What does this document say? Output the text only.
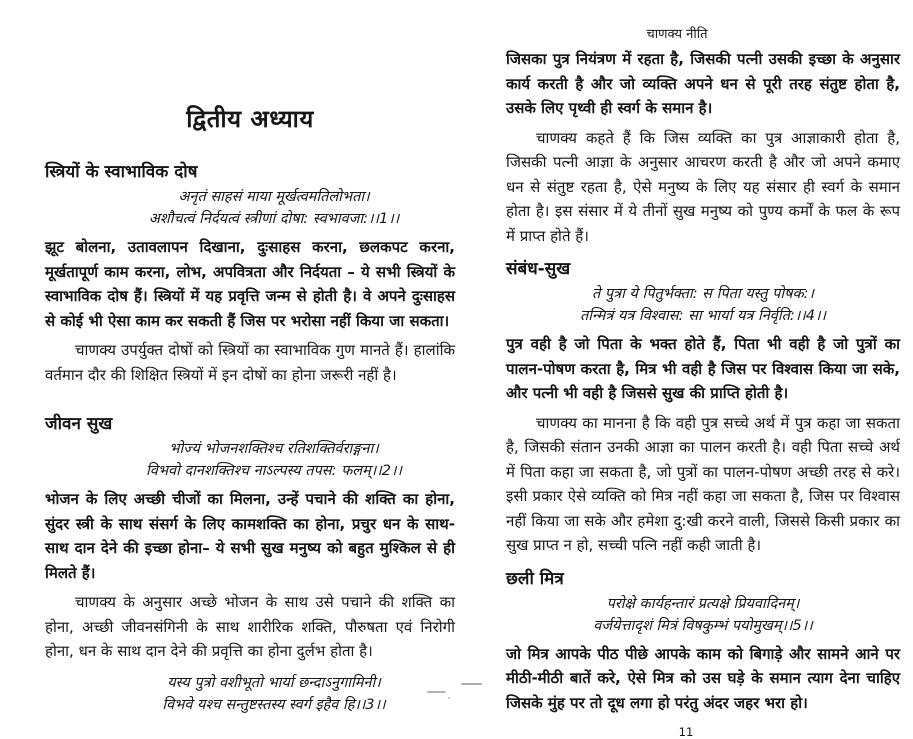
द्वितीय अध्याय
स्त्रियों के स्वाभाविक दोष
अनृतं साहसं माया मूर्खत्वमतिलोभता।
अशौचत्वं निर्दयत्वं स्त्रीणां दोषा: स्वभावजा:।।1।।

झूट बोलना, उतावलापन दिखाना, दुःसाहस करना, छलकपट करना, मूर्खतापूर्ण काम करना, लोभ, अपवित्रता और निर्दयता – ये सभी स्त्रियों के स्वाभाविक दोष हैं। स्त्रियों में यह प्रवृत्ति जन्म से होती है। वे अपने दुःसाहस से कोई भी ऐसा काम कर सकती हैं जिस पर भरोसा नहीं किया जा सकता।

चाणक्य उपर्युक्त दोषों को स्त्रियों का स्वाभाविक गुण मानते हैं। हालांकि वर्तमान दौर की शिक्षित स्त्रियों में इन दोषों का होना जरूरी नहीं है।

जीवन सुख
भोज्यं भोजनशक्तिश्च रतिशक्तिर्वराङ्गना।
विभवो दानशक्तिश्च नाऽल्पस्य तपस: फलम्।।2।।

भोजन के लिए अच्छी चीजों का मिलना, उन्हें पचाने की शक्ति का होना, सुंदर स्त्री के साथ संसर्ग के लिए कामशक्ति का होना, प्रचुर धन के साथ-साथ दान देने की इच्छा होना– ये सभी सुख मनुष्य को बहुत मुश्किल से ही मिलते हैं।

चाणक्य के अनुसार अच्छे भोजन के साथ उसे पचाने की शक्ति का होना, अच्छी जीवनसंगिनी के साथ शारीरिक शक्ति, पौरुषता एवं निरोगी होना, धन के साथ दान देने की प्रवृत्ति का होना दुर्लभ होता है।

यस्य पुत्रो वशीभूतो भार्या छन्दाऽनुगामिनी।
विभवे यश्च सन्तुष्टस्तस्य स्वर्ग इहैव हि।।3।।
चाणक्य नीति

जिसका पुत्र नियंत्रण में रहता है, जिसकी पत्नी उसकी इच्छा के अनुसार कार्य करती है और जो व्यक्ति अपने धन से पूरी तरह संतुष्ट होता है, उसके लिए पृथ्वी ही स्वर्ग के समान है।

चाणक्य कहते हैं कि जिस व्यक्ति का पुत्र आज्ञाकारी होता है, जिसकी पत्नी आज्ञा के अनुसार आचरण करती है और जो अपने कमाए धन से संतुष्ट रहता है, ऐसे मनुष्य के लिए यह संसार ही स्वर्ग के समान होता है। इस संसार में ये तीनों सुख मनुष्य को पुण्य कर्मों के फल के रूप में प्राप्त होते हैं।

संबंध-सुख
ते पुत्रा ये पितुर्भक्ता: स पिता यस्तु पोषक:।
तन्मित्रं यत्र विश्वास: सा भार्या यत्र निर्वृति:।।4।।

पुत्र वही है जो पिता के भक्त होते हैं, पिता भी वही है जो पुत्रों का पालन-पोषण करता है, मित्र भी वही है जिस पर विश्वास किया जा सके, और पत्नी भी वही है जिससे सुख की प्राप्ति होती है।

चाणक्य का मानना है कि वही पुत्र सच्चे अर्थ में पुत्र कहा जा सकता है, जिसकी संतान उनकी आज्ञा का पालन करती है। वही पिता सच्चे अर्थ में पिता कहा जा सकता है, जो पुत्रों का पालन-पोषण अच्छी तरह से करे। इसी प्रकार ऐसे व्यक्ति को मित्र नहीं कहा जा सकता है, जिस पर विश्वास नहीं किया जा सके और हमेशा दु:खी करने वाली, जिससे किसी प्रकार का सुख प्राप्त न हो, सच्ची पत्नि नहीं कही जाती है।

छली मित्र
परोक्षे कार्यहन्तारं प्रत्यक्षे प्रियवादिनम्।
वर्जयेत्तादृशं मित्रं विषकुम्भं पयोमुखम्।।5।।

जो मित्र आपके पीठ पीछे आपके काम को बिगाड़े और सामने आने पर मीठी-मीठी बातें करे, ऐसे मित्र को उस घड़े के समान त्याग देना चाहिए जिसके मुंह पर तो दूध लगा हो परंतु अंदर जहर भरा हो।

11
